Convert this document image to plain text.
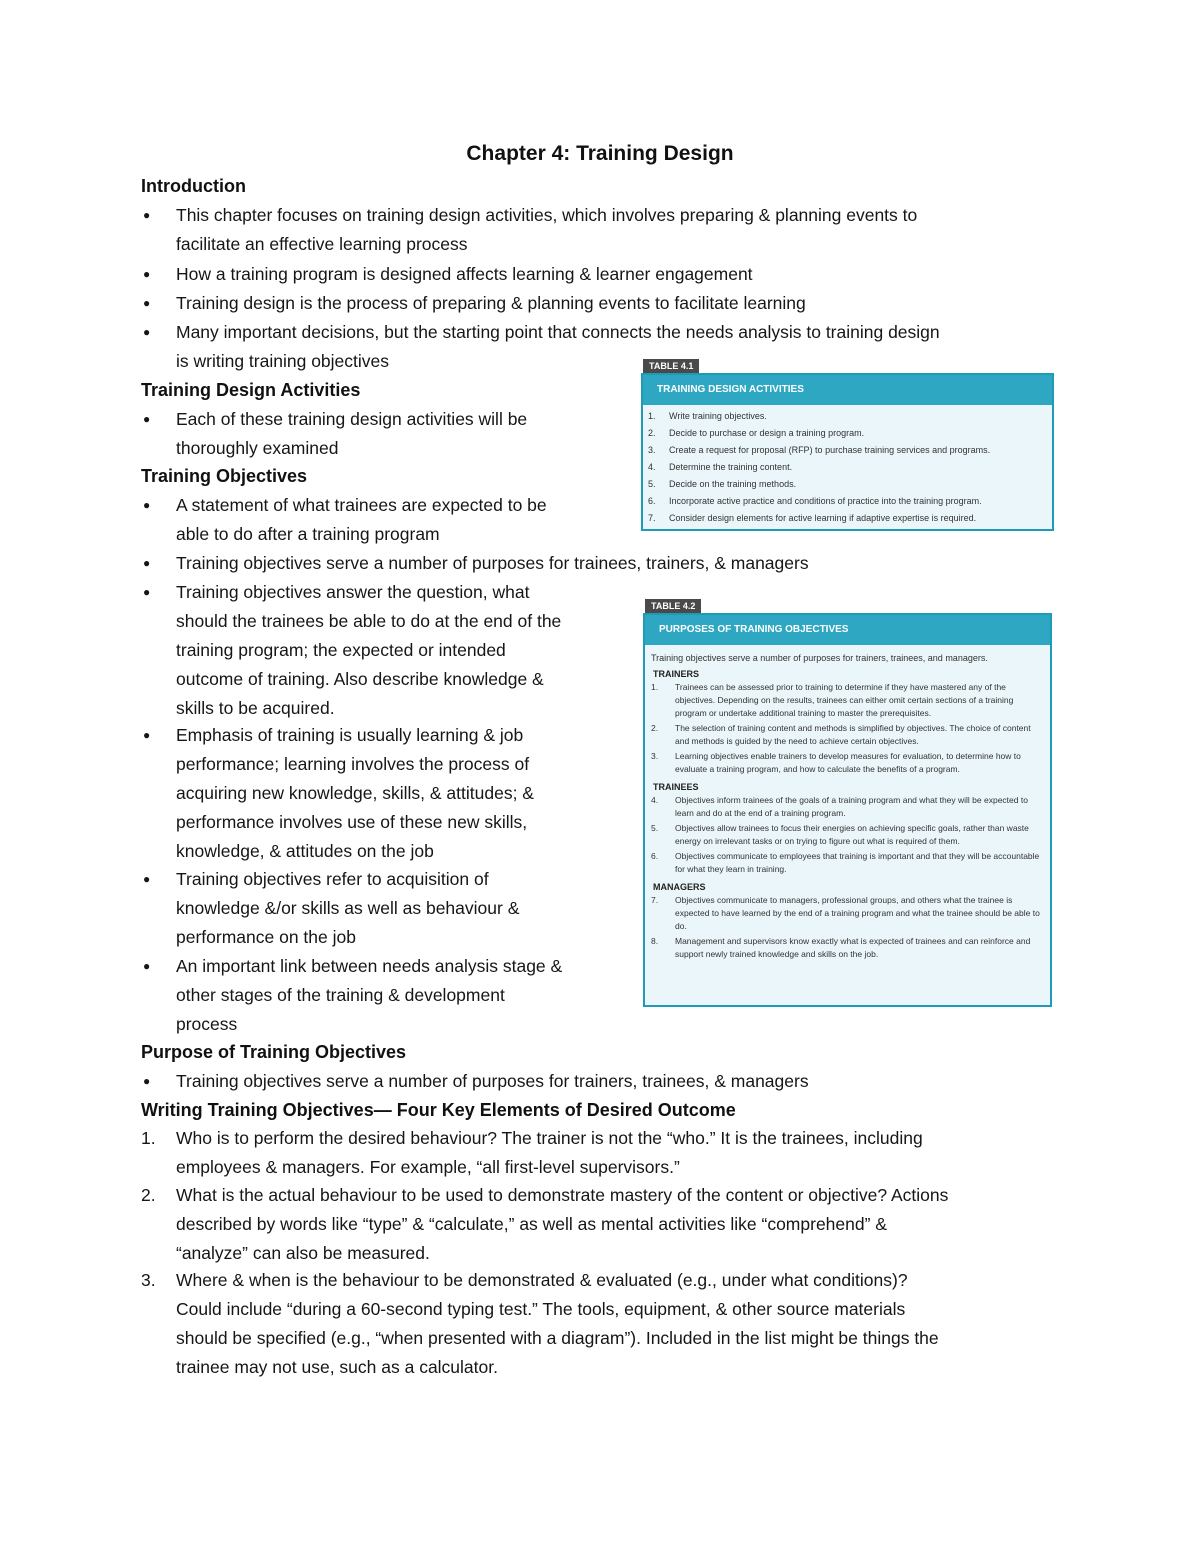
Chapter 4: Training Design
Introduction
● This chapter focuses on training design activities, which involves preparing & planning events to
facilitate an effective learning process
● How a training program is designed affects learning & learner engagement
● Training design is the process of preparing & planning events to facilitate learning
● Many important decisions, but the starting point that connects the needs analysis to training design
is writing training objectives
Training Design Activities
● Each of these training design activities will be
thoroughly examined
Training Objectives
● A statement of what trainees are expected to be
able to do after a training program
● Training objectives serve a number of purposes for trainees, trainers, & managers
● Training objectives answer the question, what
should the trainees be able to do at the end of the
training program; the expected or intended
outcome of training. Also describe knowledge &
skills to be acquired.
● Emphasis of training is usually learning & job
performance; learning involves the process of
acquiring new knowledge, skills, & attitudes; &
performance involves use of these new skills,
knowledge, & attitudes on the job
● Training objectives refer to acquisition of
knowledge &/or skills as well as behaviour &
performance on the job
● An important link between needs analysis stage &
other stages of the training & development
process
Purpose of Training Objectives
● Training objectives serve a number of purposes for trainers, trainees, & managers
Writing Training Objectives— Four Key Elements of Desired Outcome
1. Who is to perform the desired behaviour? The trainer is not the “who.” It is the trainees, including
employees & managers. For example, “all first-level supervisors.”
2. What is the actual behaviour to be used to demonstrate mastery of the content or objective? Actions
described by words like “type” & “calculate,” as well as mental activities like “comprehend” &
“analyze” can also be measured.
3. Where & when is the behaviour to be demonstrated & evaluated (e.g., under what conditions)?
Could include “during a 60-second typing test.” The tools, equipment, & other source materials
should be specified (e.g., “when presented with a diagram”). Included in the list might be things the
trainee may not use, such as a calculator.
TABLE 4.1
TRAINING DESIGN ACTIVITIES
1. Write training objectives.
2. Decide to purchase or design a training program.
3. Create a request for proposal (RFP) to purchase training services and programs.
4. Determine the training content.
5. Decide on the training methods.
6. Incorporate active practice and conditions of practice into the training program.
7. Consider design elements for active learning if adaptive expertise is required.
TABLE 4.2
PURPOSES OF TRAINING OBJECTIVES
Training objectives serve a number of purposes for trainers, trainees, and managers.
TRAINERS
1. Trainees can be assessed prior to training to determine if they have mastered any of the objectives. Depending on the results, trainees can either omit certain sections of a training program or undertake additional training to master the prerequisites.
2. The selection of training content and methods is simplified by objectives. The choice of content and methods is guided by the need to achieve certain objectives.
3. Learning objectives enable trainers to develop measures for evaluation, to determine how to evaluate a training program, and how to calculate the benefits of a program.
TRAINEES
4. Objectives inform trainees of the goals of a training program and what they will be expected to learn and do at the end of a training program.
5. Objectives allow trainees to focus their energies on achieving specific goals, rather than waste energy on irrelevant tasks or on trying to figure out what is required of them.
6. Objectives communicate to employees that training is important and that they will be accountable for what they learn in training.
MANAGERS
7. Objectives communicate to managers, professional groups, and others what the trainee is expected to have learned by the end of a training program and what the trainee should be able to do.
8. Management and supervisors know exactly what is expected of trainees and can reinforce and support newly trained knowledge and skills on the job.
